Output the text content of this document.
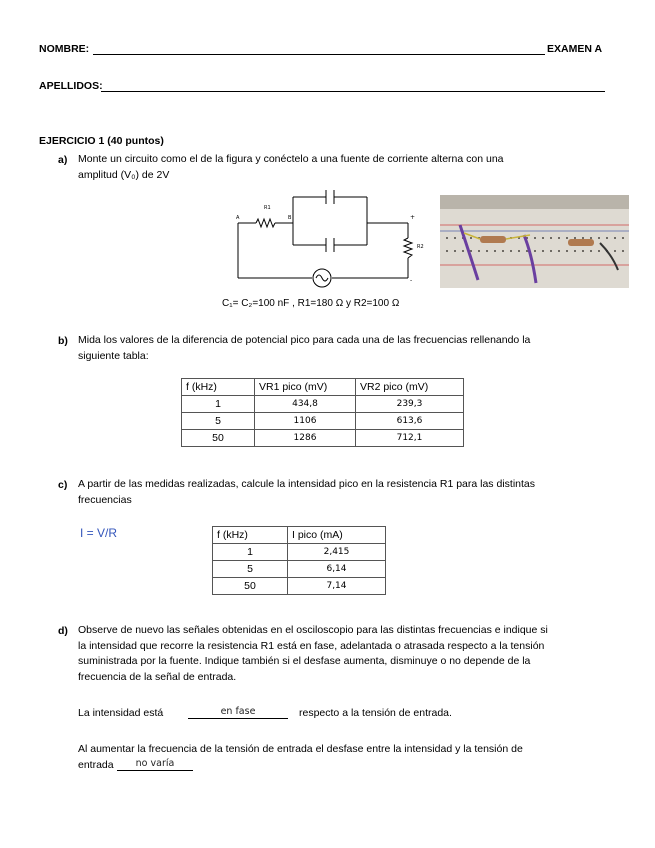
NOMBRE:	EXAMEN A
APELLIDOS:
EJERCICIO 1 (40 puntos)
a) Monte un circuito como el de la figura y conéctelo a una fuente de corriente alterna con una
amplitud (V₀) de 2V
R1
R2
A	B	+
-
C₁= C₂=100 nF , R1=180 Ω y R2=100 Ω
b) Mida los valores de la diferencia de potencial pico para cada una de las frecuencias rellenando la
siguiente tabla:
f (kHz)	VR1 pico (mV)	VR2 pico (mV)
1	434,8	239,3
5	1106	613,6
50	1286	712,1
c) A partir de las medidas realizadas, calcule la intensidad pico en la resistencia R1 para las distintas
frecuencias
I = V/R	f (kHz)	I pico (mA)
1	2,415
5	6,14
50	7,14
d) Observe de nuevo las señales obtenidas en el osciloscopio para las distintas frecuencias e indique si
la intensidad que recorre la resistencia R1 está en fase, adelantada o atrasada respecto a la tensión
suministrada por la fuente. Indique también si el desfase aumenta, disminuye o no depende de la
frecuencia de la señal de entrada.
La intensidad está	en fase	respecto a la tensión de entrada.
Al aumentar la frecuencia de la tensión de entrada el desfase entre la intensidad y la tensión de
entrada	no varía
